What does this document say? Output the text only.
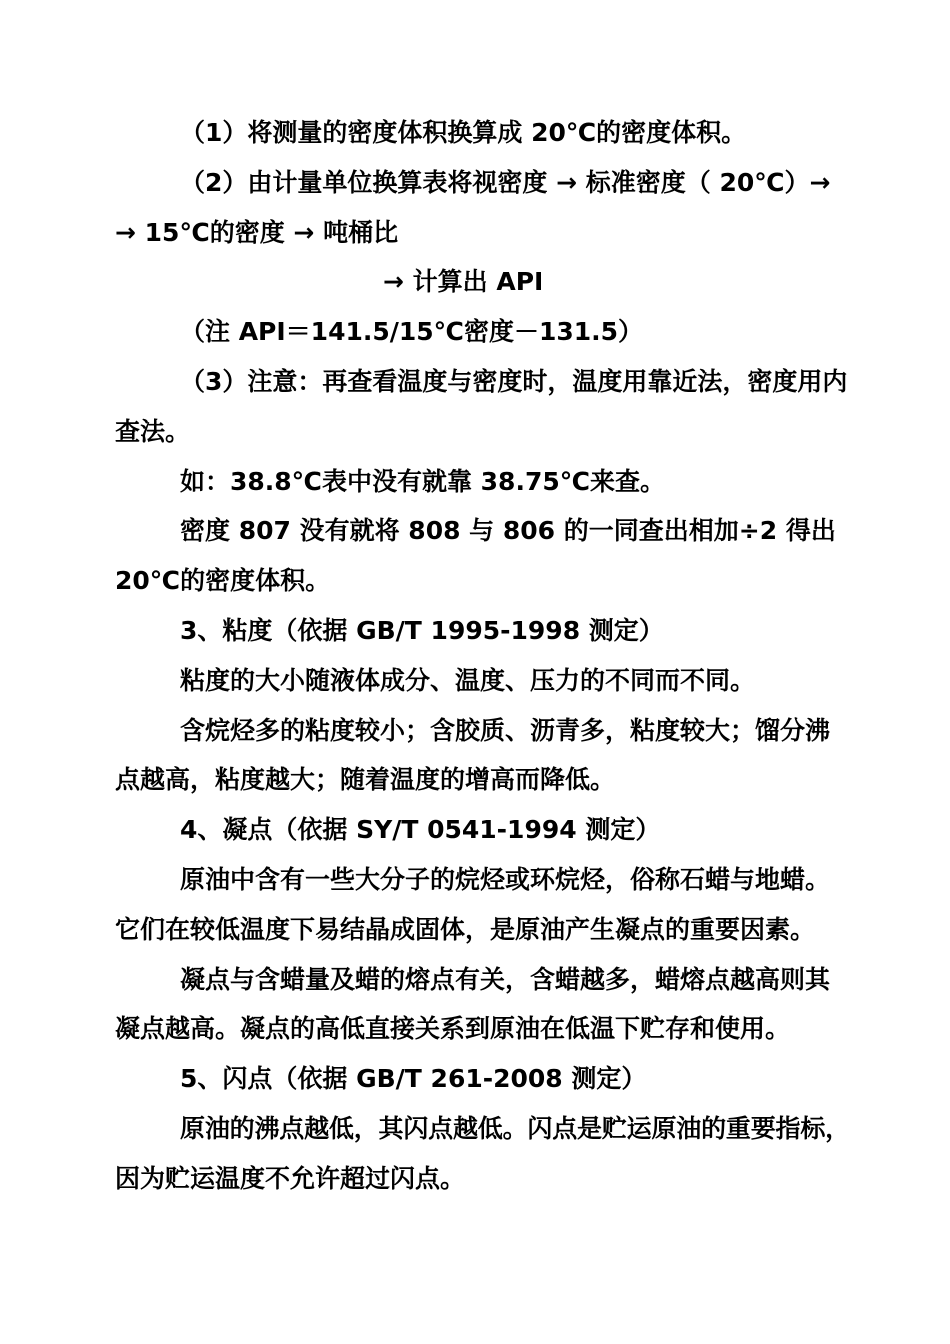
（1）将测量的密度体积换算成 20℃的密度体积。

（2）由计量单位换算表将视密度 → 标准密度（ 20℃）→

→ 15℃的密度 → 吨桶比

→ 计算出 API

（注 API＝141.5/15℃密度－131.5）

（3）注意：再查看温度与密度时，温度用靠近法，密度用内

查法。

如：38.8℃表中没有就靠 38.75℃来查。

密度 807 没有就将 808 与 806 的一同查出相加÷2 得出

20℃的密度体积。

3、粘度（依据 GB/T 1995-1998 测定）

粘度的大小随液体成分、温度、压力的不同而不同。

含烷烃多的粘度较小；含胶质、沥青多，粘度较大；馏分沸

点越高，粘度越大；随着温度的增高而降低。

4、凝点（依据 SY/T 0541-1994 测定）

原油中含有一些大分子的烷烃或环烷烃，俗称石蜡与地蜡。

它们在较低温度下易结晶成固体，是原油产生凝点的重要因素。

凝点与含蜡量及蜡的熔点有关，含蜡越多，蜡熔点越高则其

凝点越高。凝点的高低直接关系到原油在低温下贮存和使用。

5、闪点（依据 GB/T 261-2008 测定）

原油的沸点越低，其闪点越低。闪点是贮运原油的重要指标，

因为贮运温度不允许超过闪点。
